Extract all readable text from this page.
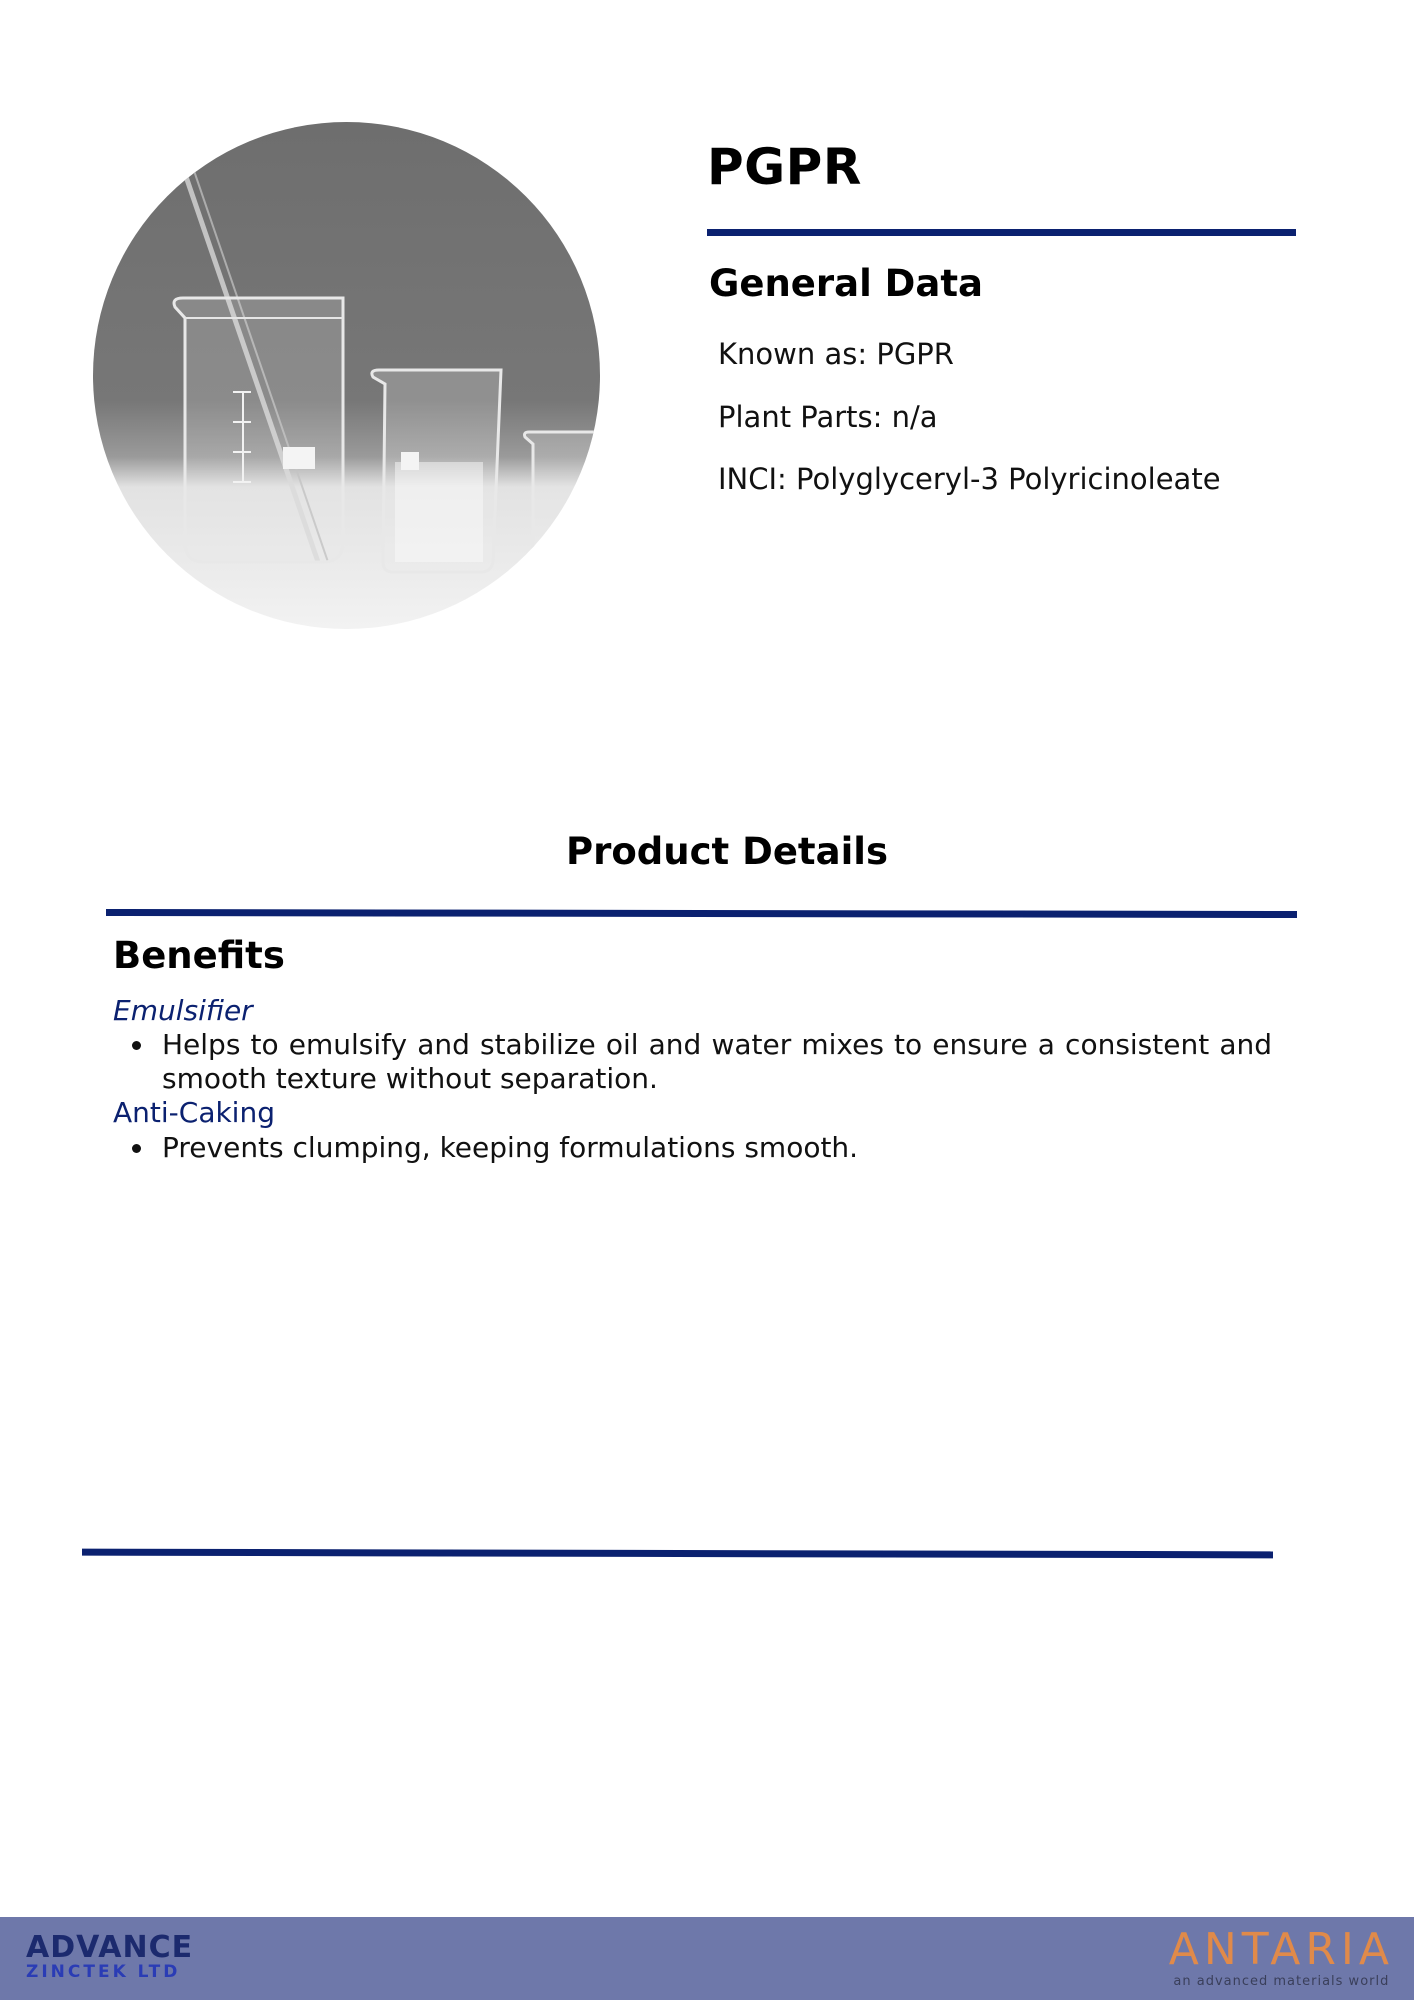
PGPR
General Data
Known as: PGPR
Plant Parts: n/a
INCI: Polyglyceryl-3 Polyricinoleate
Product Details
Benefits
Emulsifier
Helps to emulsify and stabilize oil and water mixes to ensure a consistent and smooth texture without separation.
Anti-Caking
Prevents clumping, keeping formulations smooth.
ADVANCE
ZINCTEK LTD	ANTARIA
an advanced materials world
